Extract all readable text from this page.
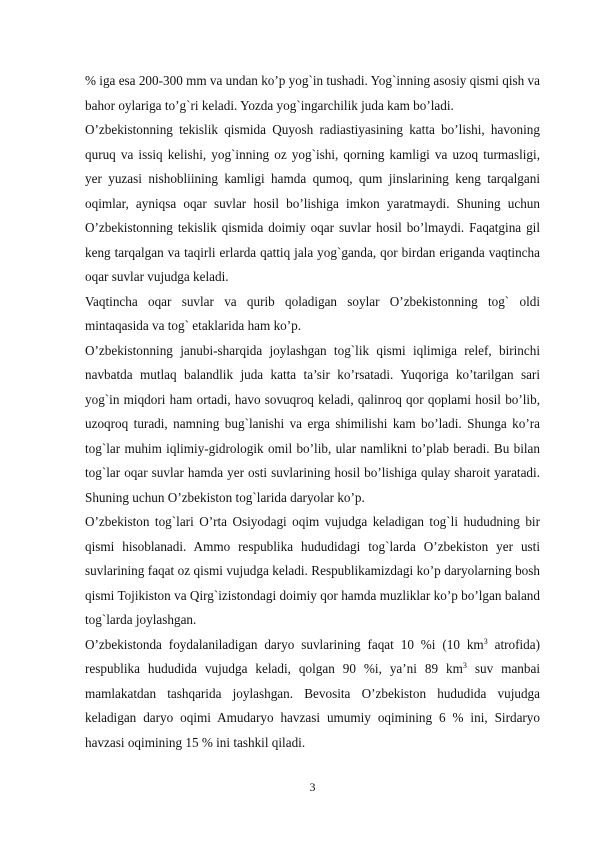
% iga esa 200-300 mm va undan ko’p yog`in tushadi. Yog`inning asosiy qismi qish va bahor oylariga to’g`ri keladi. Yozda yog`ingarchilik juda kam bo’ladi.

O’zbekistonning tekislik qismida Quyosh radiastiyasining katta bo’lishi, havoning quruq va issiq kelishi, yog`inning oz yog`ishi, qorning kamligi va uzoq turmasligi, yer yuzasi nishobliining kamligi hamda qumoq, qum jinslarining keng tarqalgani oqimlar, ayniqsa oqar suvlar hosil bo’lishiga imkon yaratmaydi. Shuning uchun O’zbekistonning tekislik qismida doimiy oqar suvlar hosil bo’lmaydi. Faqatgina gil keng tarqalgan va taqirli erlarda qattiq jala yog`ganda, qor birdan eriganda vaqtincha oqar suvlar vujudga keladi.

Vaqtincha oqar suvlar va qurib qoladigan soylar O’zbekistonning tog` oldi mintaqasida va tog` etaklarida ham ko’p.

O’zbekistonning janubi-sharqida joylashgan tog`lik qismi iqlimiga relef, birinchi navbatda mutlaq balandlik juda katta ta’sir ko’rsatadi. Yuqoriga ko’tarilgan sari yog`in miqdori ham ortadi, havo sovuqroq keladi, qalinroq qor qoplami hosil bo’lib, uzoqroq turadi, namning bug`lanishi va erga shimilishi kam bo’ladi. Shunga ko’ra tog`lar muhim iqlimiy-gidrologik omil bo’lib, ular namlikni to’plab beradi. Bu bilan tog`lar oqar suvlar hamda yer osti suvlarining hosil bo’lishiga qulay sharoit yaratadi. Shuning uchun O’zbekiston tog`larida daryolar ko’p.

O’zbekiston tog`lari O’rta Osiyodagi oqim vujudga keladigan tog`li hududning bir qismi hisoblanadi. Ammo respublika hududidagi tog`larda O’zbekiston yer usti suvlarining faqat oz qismi vujudga keladi. Respublikamizdagi ko’p daryolarning bosh qismi Tojikiston va Qirg`izistondagi doimiy qor hamda muzliklar ko’p bo’lgan baland tog`larda joylashgan.

O’zbekistonda foydalaniladigan daryo suvlarining faqat 10 %i (10 $km^3$ atrofida) respublika hududida vujudga keladi, qolgan 90 %i, ya’ni 89 $km^3$ suv manbai mamlakatdan tashqarida joylashgan. Bevosita O’zbekiston hududida vujudga keladigan daryo oqimi Amudaryo havzasi umumiy oqimining 6 % ini, Sirdaryo havzasi oqimining 15 % ini tashkil qiladi.

3
